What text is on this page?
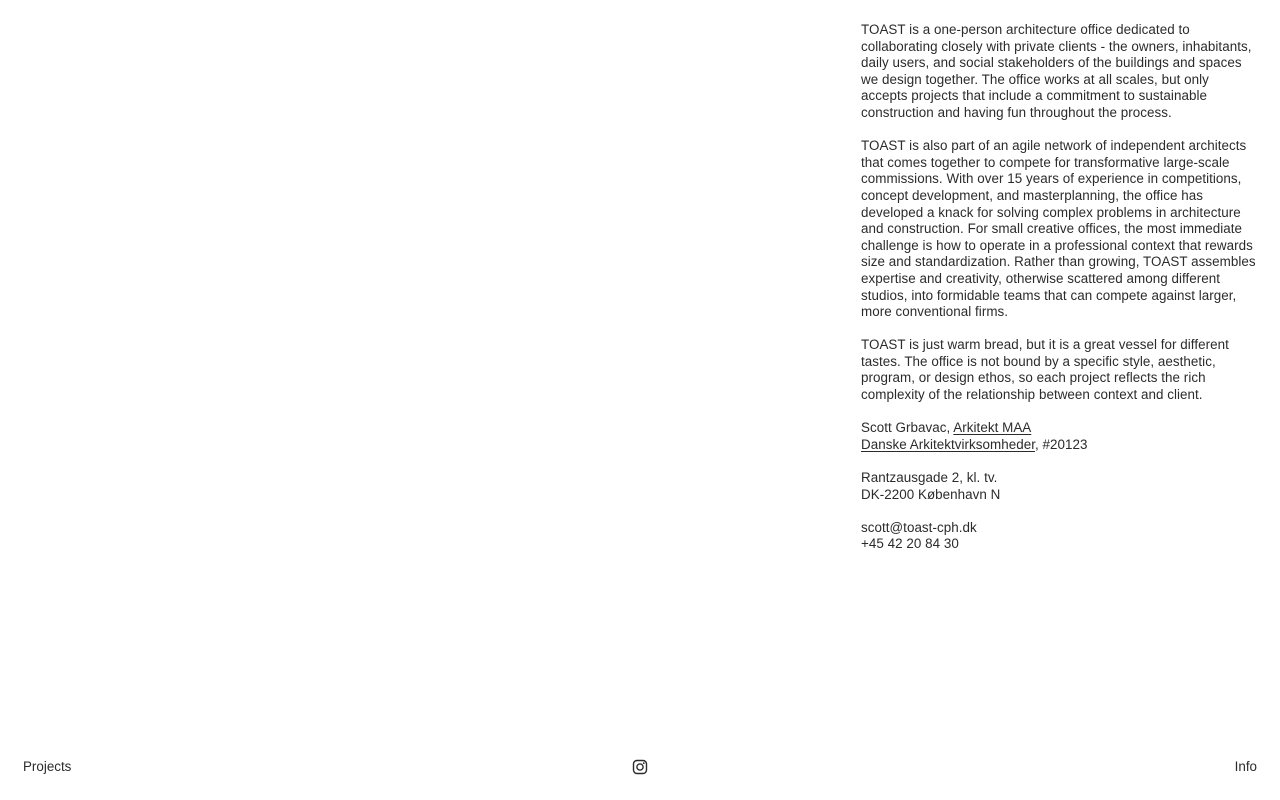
TOAST is a one-person architecture office dedicated to collaborating closely with private clients - the owners, inhabitants, daily users, and social stakeholders of the buildings and spaces we design together. The office works at all scales, but only accepts projects that include a commitment to sustainable construction and having fun throughout the process.

TOAST is also part of an agile network of independent architects that comes together to compete for transformative large-scale commissions. With over 15 years of experience in competitions, concept development, and masterplanning, the office has developed a knack for solving complex problems in architecture and construction. For small creative offices, the most immediate challenge is how to operate in a professional context that rewards size and standardization. Rather than growing, TOAST assembles expertise and creativity, otherwise scattered among different studios, into formidable teams that can compete against larger, more conventional firms.

TOAST is just warm bread, but it is a great vessel for different tastes. The office is not bound by a specific style, aesthetic, program, or design ethos, so each project reflects the rich complexity of the relationship between context and client.

Scott Grbavac, Arkitekt MAA
Danske Arkitektvirksomheder, #20123

Rantzausgade 2, kl. tv.
DK-2200 København N

scott@toast-cph.dk
+45 42 20 84 30

Projects	Info
